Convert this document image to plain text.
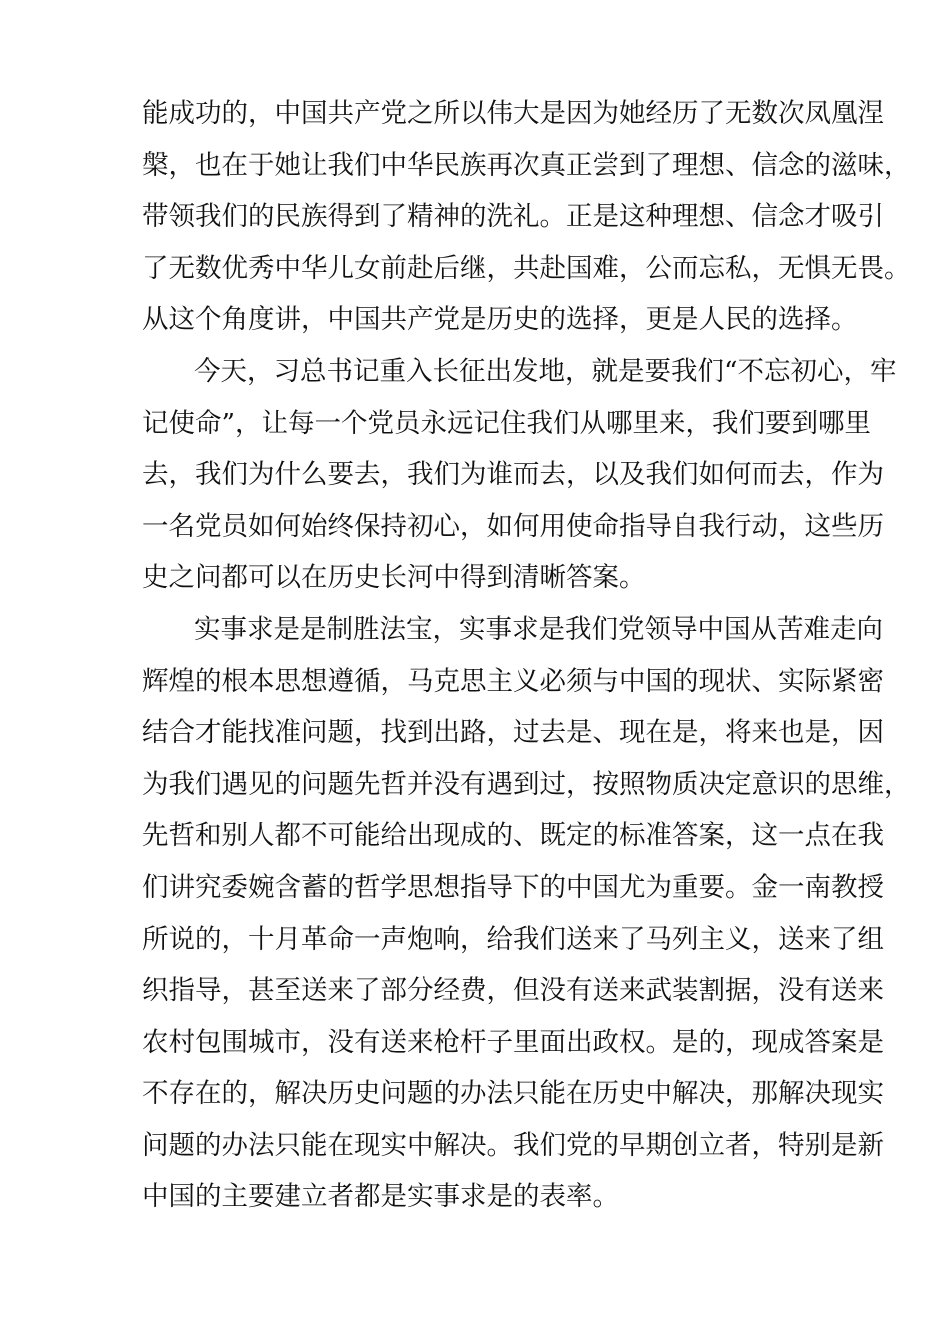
能成功的，中国共产党之所以伟大是因为她经历了无数次凤凰涅
槃，也在于她让我们中华民族再次真正尝到了理想、信念的滋味，
带领我们的民族得到了精神的洗礼。正是这种理想、信念才吸引
了无数优秀中华儿女前赴后继，共赴国难，公而忘私，无惧无畏。
从这个角度讲，中国共产党是历史的选择，更是人民的选择。
今天，习总书记重入长征出发地，就是要我们“不忘初心，牢
记使命”，让每一个党员永远记住我们从哪里来，我们要到哪里
去，我们为什么要去，我们为谁而去，以及我们如何而去，作为
一名党员如何始终保持初心，如何用使命指导自我行动，这些历
史之问都可以在历史长河中得到清晰答案。
实事求是是制胜法宝，实事求是我们党领导中国从苦难走向
辉煌的根本思想遵循，马克思主义必须与中国的现状、实际紧密
结合才能找准问题，找到出路，过去是、现在是，将来也是，因
为我们遇见的问题先哲并没有遇到过，按照物质决定意识的思维，
先哲和别人都不可能给出现成的、既定的标准答案，这一点在我
们讲究委婉含蓄的哲学思想指导下的中国尤为重要。金一南教授
所说的，十月革命一声炮响，给我们送来了马列主义，送来了组
织指导，甚至送来了部分经费，但没有送来武装割据，没有送来
农村包围城市，没有送来枪杆子里面出政权。是的，现成答案是
不存在的，解决历史问题的办法只能在历史中解决，那解决现实
问题的办法只能在现实中解决。我们党的早期创立者，特别是新
中国的主要建立者都是实事求是的表率。
